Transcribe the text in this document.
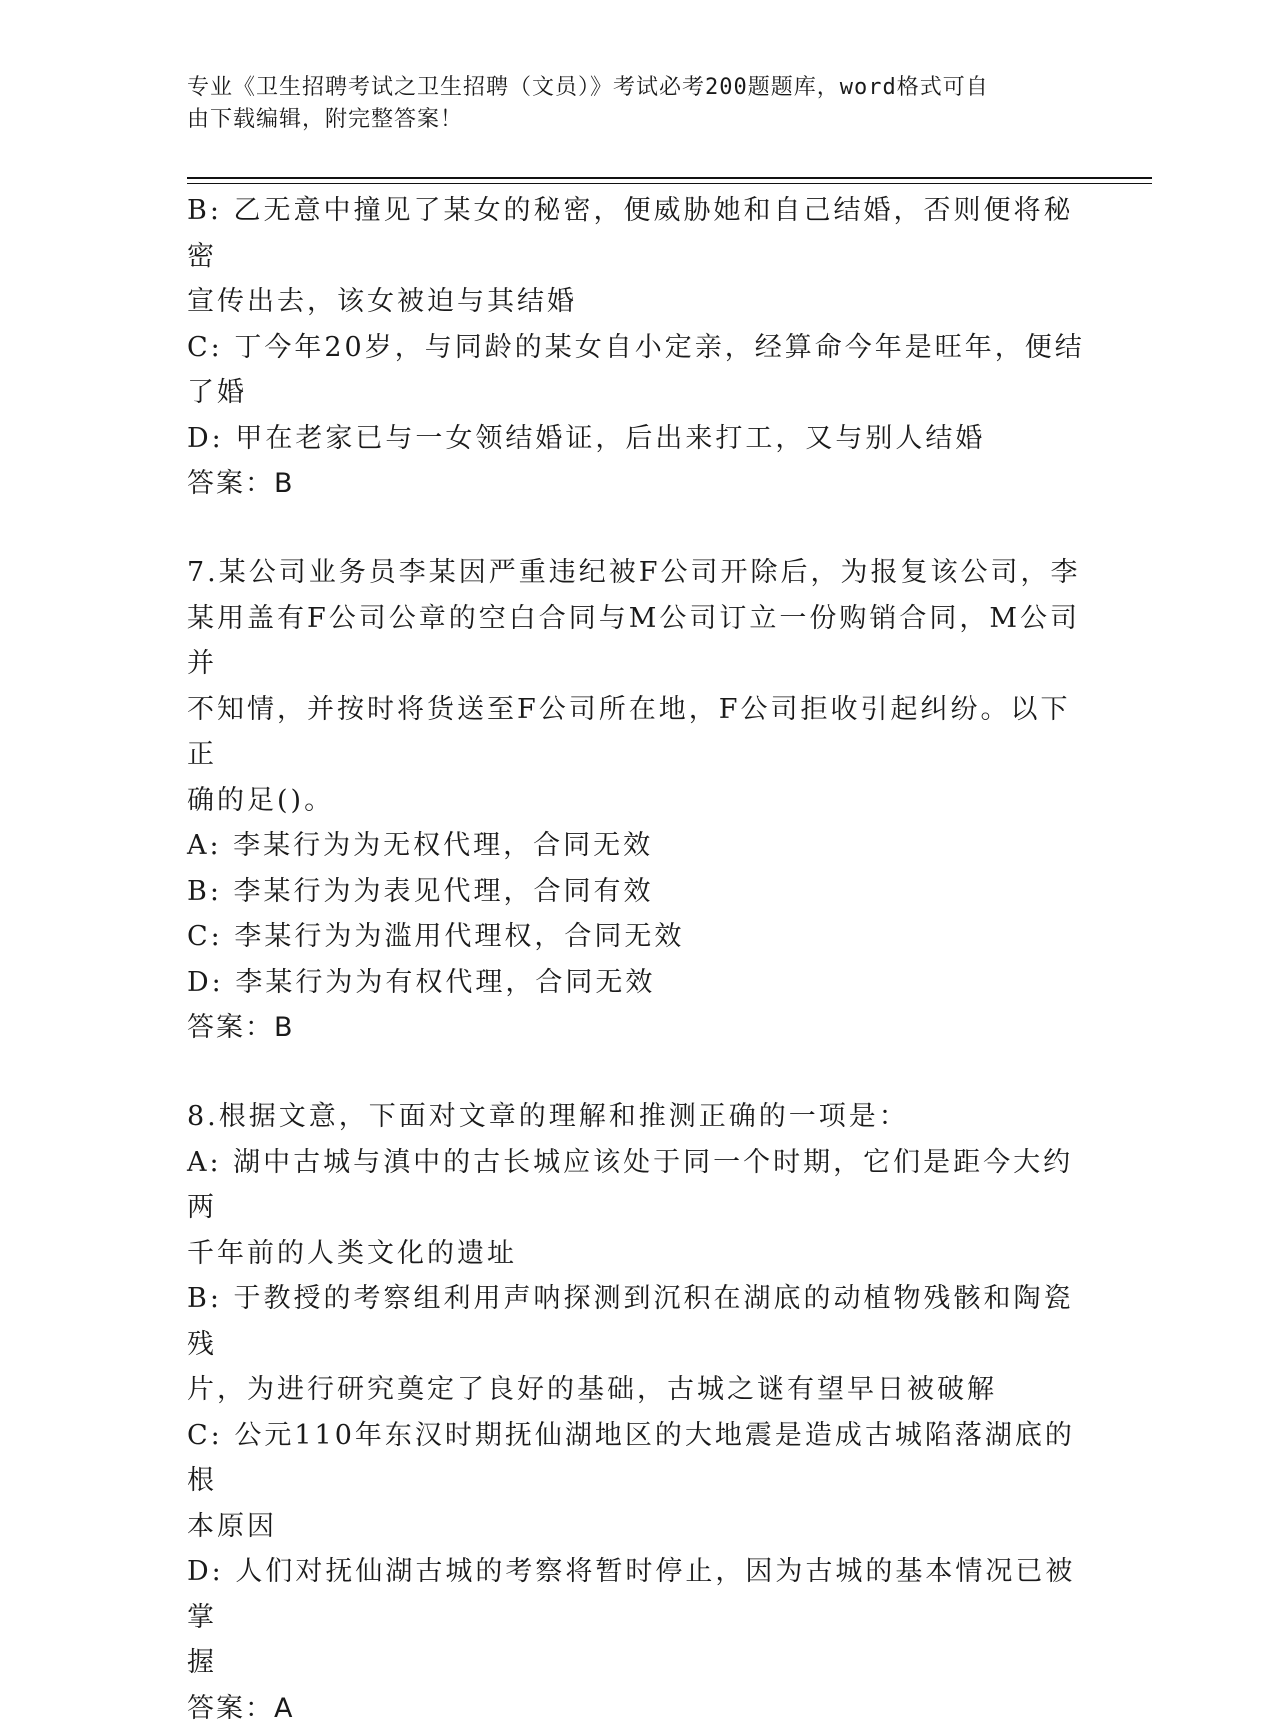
专业《卫生招聘考试之卫生招聘（文员）》考试必考200题题库，word格式可自
由下载编辑，附完整答案！
B: 乙无意中撞见了某女的秘密，便威胁她和自己结婚，否则便将秘密
宣传出去，该女被迫与其结婚
C: 丁今年20岁，与同龄的某女自小定亲，经算命今年是旺年，便结
了婚
D: 甲在老家已与一女领结婚证，后出来打工，又与别人结婚
答案：B
7.某公司业务员李某因严重违纪被F公司开除后，为报复该公司，李
某用盖有F公司公章的空白合同与M公司订立一份购销合同，M公司并
不知情，并按时将货送至F公司所在地，F公司拒收引起纠纷。以下正
确的足()。
A: 李某行为为无权代理，合同无效
B: 李某行为为表见代理，合同有效
C: 李某行为为滥用代理权，合同无效
D: 李某行为为有权代理，合同无效
答案：B
8.根据文意，下面对文章的理解和推测正确的一项是：
A: 湖中古城与滇中的古长城应该处于同一个时期，它们是距今大约两
千年前的人类文化的遗址
B: 于教授的考察组利用声呐探测到沉积在湖底的动植物残骸和陶瓷残
片，为进行研究奠定了良好的基础，古城之谜有望早日被破解
C: 公元110年东汉时期抚仙湖地区的大地震是造成古城陷落湖底的根
本原因
D: 人们对抚仙湖古城的考察将暂时停止，因为古城的基本情况已被掌
握
答案：A
